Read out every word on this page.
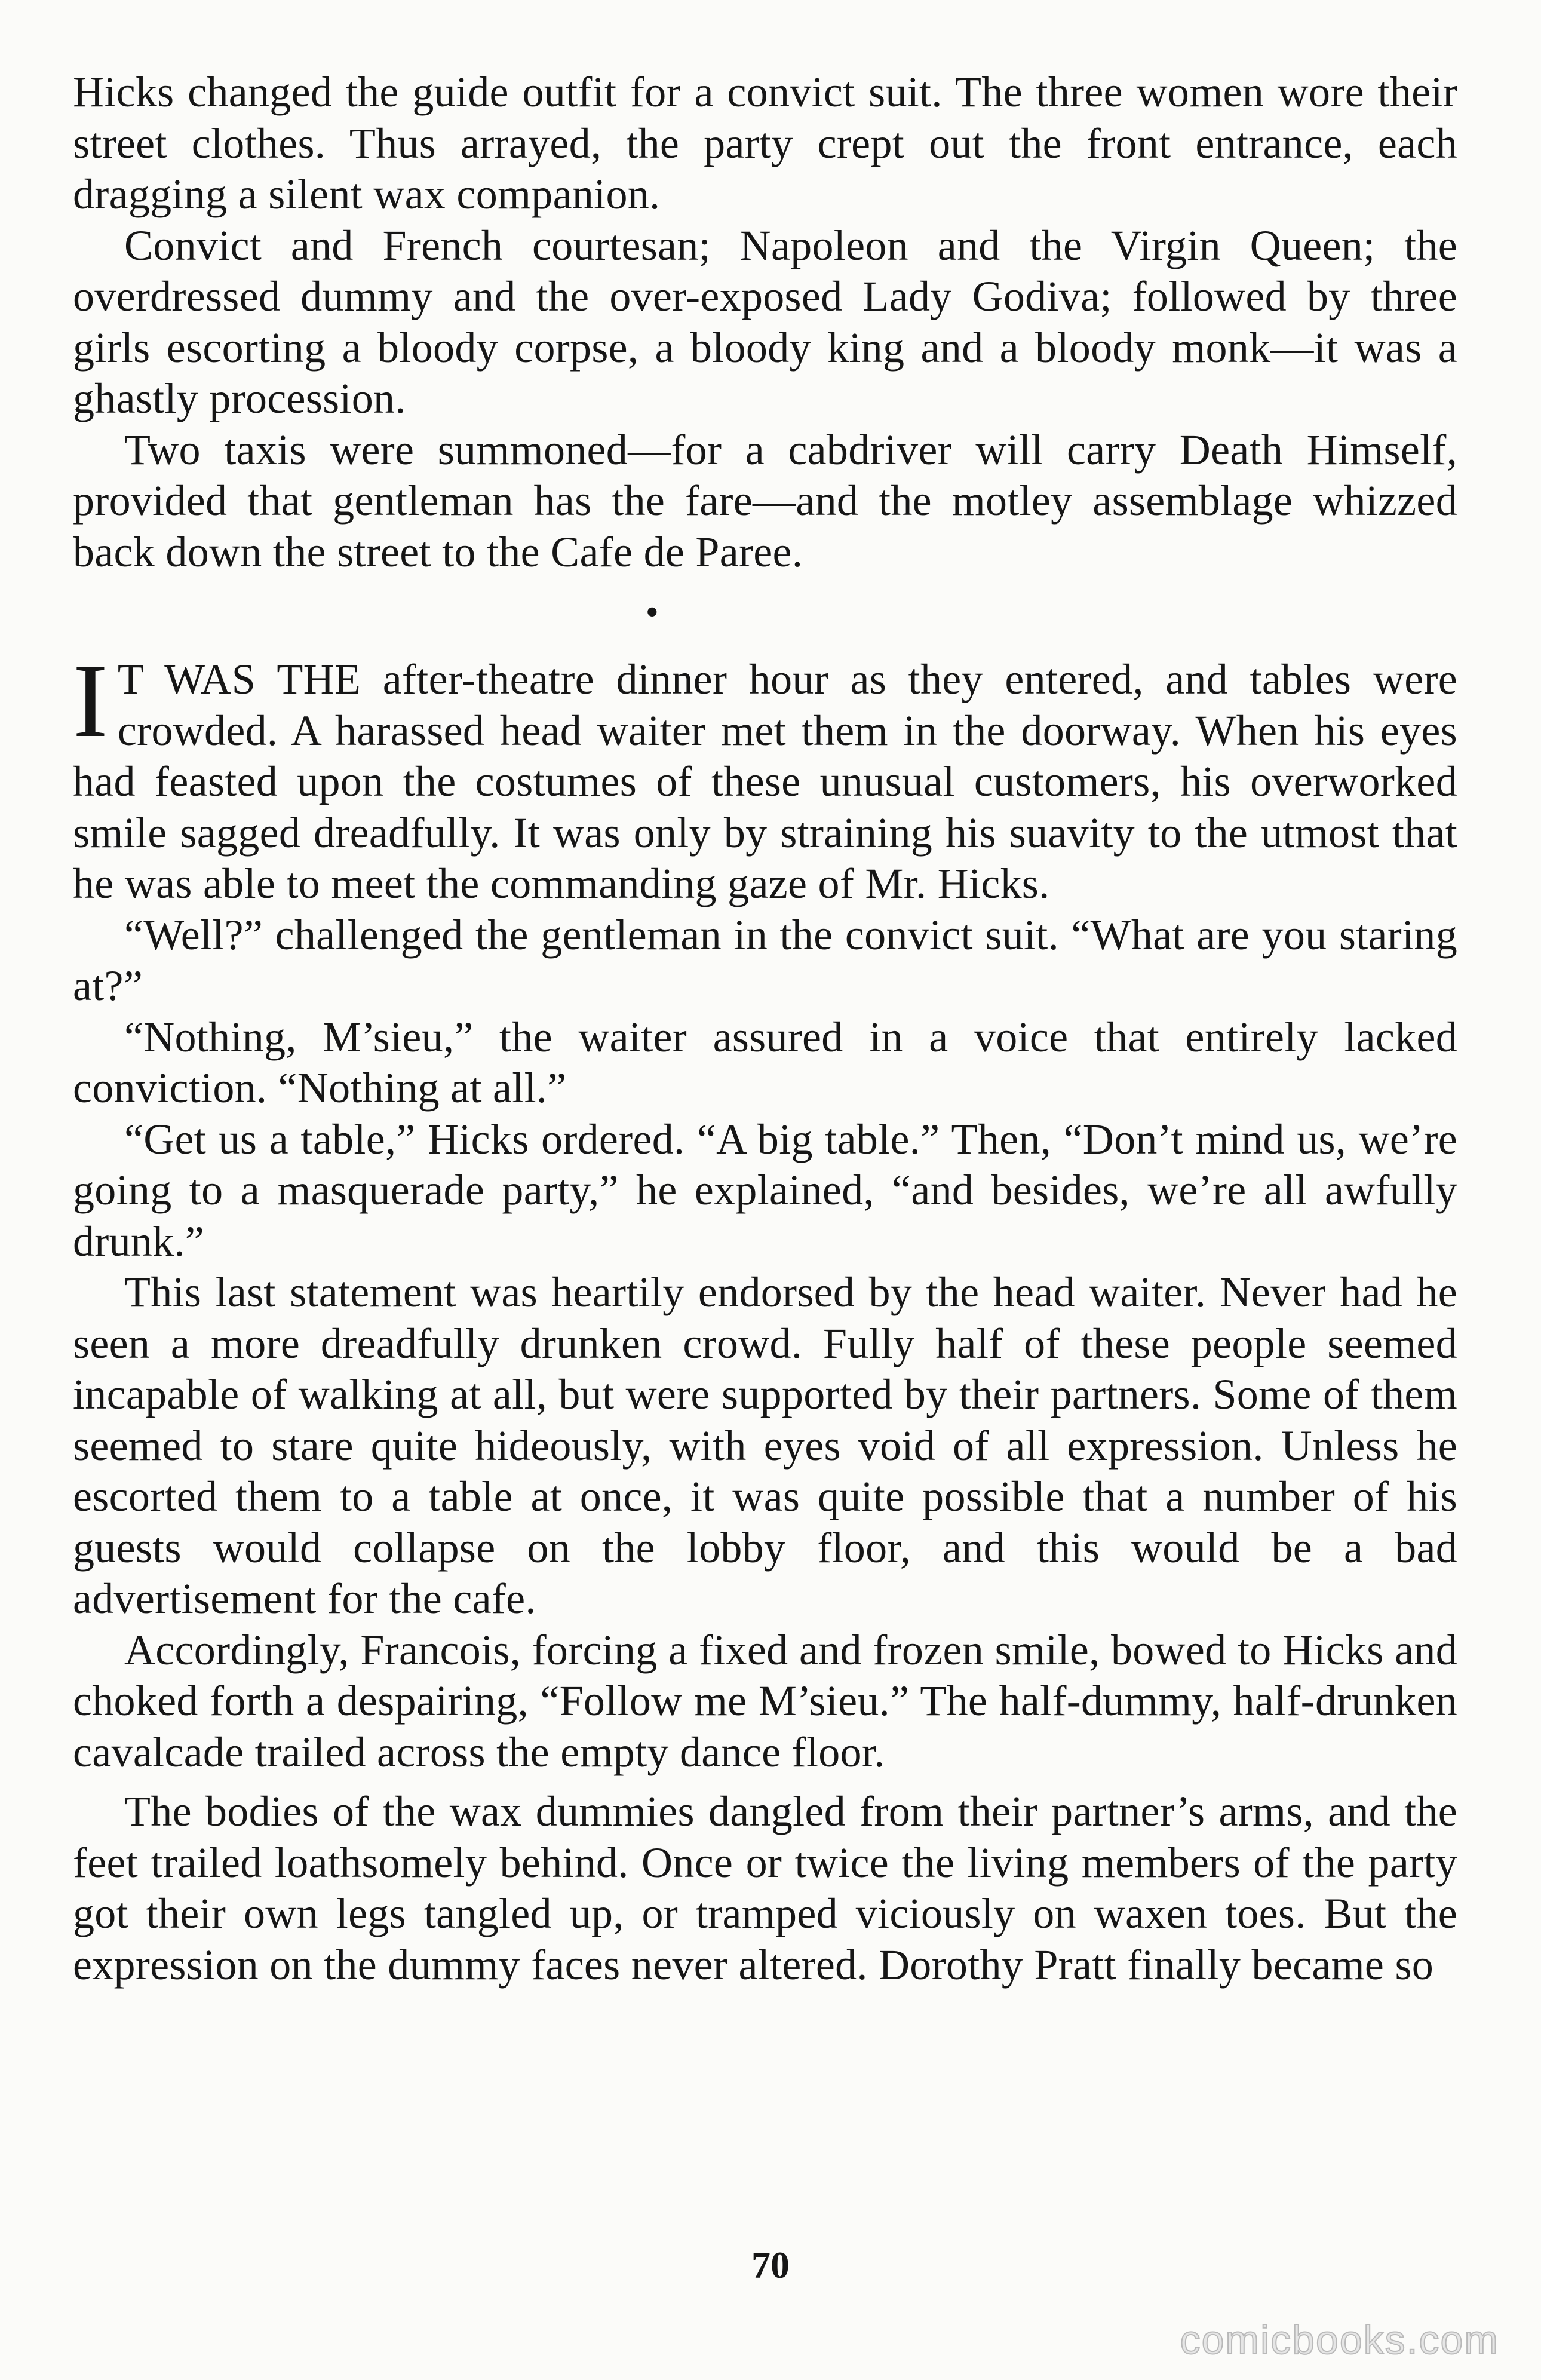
Hicks changed the guide outfit for a convict suit. The three women wore their street clothes. Thus arrayed, the party crept out the front entrance, each dragging a silent wax companion.

Convict and French courtesan; Napoleon and the Virgin Queen; the overdressed dummy and the over-exposed Lady Godiva; followed by three girls escorting a bloody corpse, a bloody king and a bloody monk—it was a ghastly procession.

Two taxis were summoned—for a cabdriver will carry Death Himself, provided that gentleman has the fare—and the motley assemblage whizzed back down the street to the Cafe de Paree.

•

I T WAS THE after-theatre dinner hour as they entered, and tables were crowded. A harassed head waiter met them in the doorway. When his eyes had feasted upon the costumes of these unusual customers, his overworked smile sagged dreadfully. It was only by straining his suavity to the utmost that he was able to meet the commanding gaze of Mr. Hicks.

“Well?” challenged the gentleman in the convict suit. “What are you staring at?”

“Nothing, M’sieu,” the waiter assured in a voice that entirely lacked conviction. “Nothing at all.”

“Get us a table,” Hicks ordered. “A big table.” Then, “Don’t mind us, we’re going to a masquerade party,” he explained, “and besides, we’re all awfully drunk.”

This last statement was heartily endorsed by the head waiter. Never had he seen a more dreadfully drunken crowd. Fully half of these people seemed incapable of walking at all, but were supported by their partners. Some of them seemed to stare quite hideously, with eyes void of all expression. Unless he escorted them to a table at once, it was quite possible that a number of his guests would collapse on the lobby floor, and this would be a bad advertisement for the cafe.

Accordingly, Francois, forcing a fixed and frozen smile, bowed to Hicks and choked forth a despairing, “Follow me M’sieu.” The half-dummy, half-drunken cavalcade trailed across the empty dance floor.

The bodies of the wax dummies dangled from their partner’s arms, and the feet trailed loathsomely behind. Once or twice the living members of the party got their own legs tangled up, or tramped viciously on waxen toes. But the expression on the dummy faces never altered. Dorothy Pratt finally became so

70
comicbooks.com
